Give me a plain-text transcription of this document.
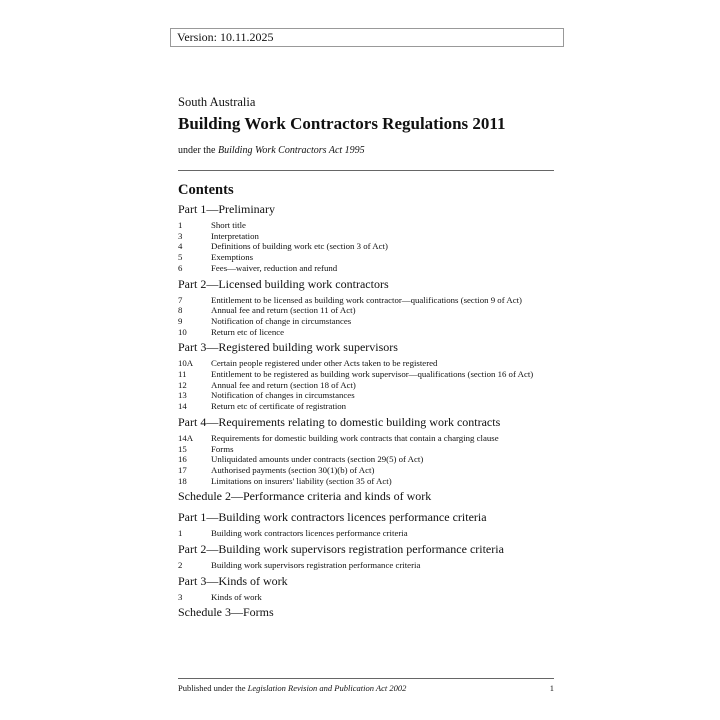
Version: 10.11.2025
South Australia
Building Work Contractors Regulations 2011
under the Building Work Contractors Act 1995
Contents
Part 1—Preliminary
1	Short title
3	Interpretation
4	Definitions of building work etc (section 3 of Act)
5	Exemptions
6	Fees—waiver, reduction and refund
Part 2—Licensed building work contractors
7	Entitlement to be licensed as building work contractor—qualifications (section 9 of Act)
8	Annual fee and return (section 11 of Act)
9	Notification of change in circumstances
10	Return etc of licence
Part 3—Registered building work supervisors
10A	Certain people registered under other Acts taken to be registered
11	Entitlement to be registered as building work supervisor—qualifications (section 16 of Act)
12	Annual fee and return (section 18 of Act)
13	Notification of changes in circumstances
14	Return etc of certificate of registration
Part 4—Requirements relating to domestic building work contracts
14A	Requirements for domestic building work contracts that contain a charging clause
15	Forms
16	Unliquidated amounts under contracts (section 29(5) of Act)
17	Authorised payments (section 30(1)(b) of Act)
18	Limitations on insurers' liability (section 35 of Act)
Schedule 2—Performance criteria and kinds of work
Part 1—Building work contractors licences performance criteria
1	Building work contractors licences performance criteria
Part 2—Building work supervisors registration performance criteria
2	Building work supervisors registration performance criteria
Part 3—Kinds of work
3	Kinds of work
Schedule 3—Forms
Published under the Legislation Revision and Publication Act 2002	1
